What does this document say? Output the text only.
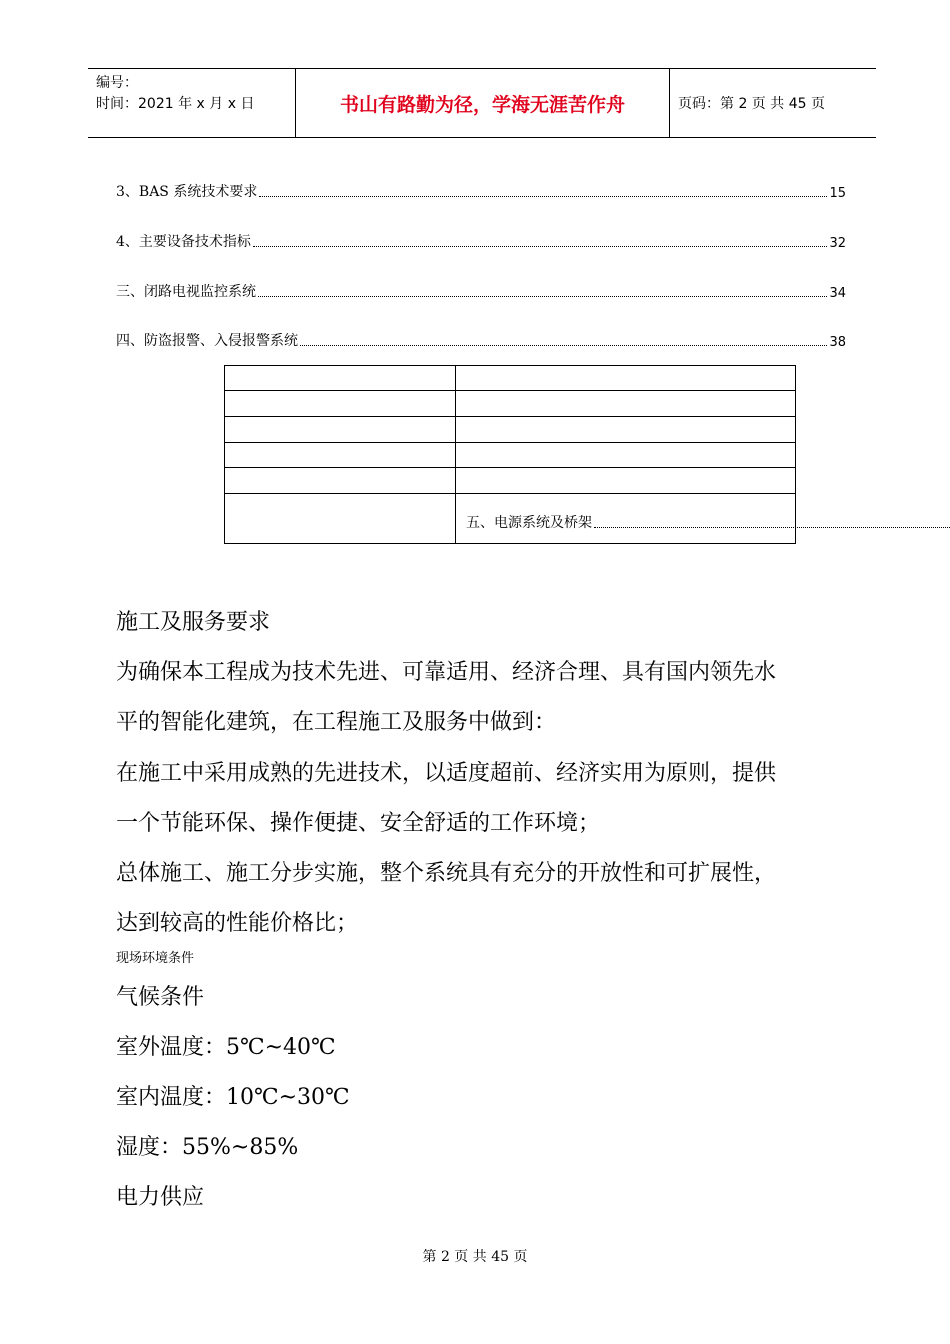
编号：
时间：2021 年 x 月 x 日	书山有路勤为径，学海无涯苦作舟	页码：第 2 页 共 45 页
3、BAS 系统技术要求	15
4、主要设备技术指标	32
三、闭路电视监控系统	34
四、防盗报警、入侵报警系统	38

五、电源系统及桥架
施工及服务要求
为确保本工程成为技术先进、可靠适用、经济合理、具有国内领先水
平的智能化建筑，在工程施工及服务中做到：
在施工中采用成熟的先进技术，以适度超前、经济实用为原则，提供
一个节能环保、操作便捷、安全舒适的工作环境；
总体施工、施工分步实施，整个系统具有充分的开放性和可扩展性，
达到较高的性能价格比；
现场环境条件
气候条件
室外温度：5℃~40℃
室内温度：10℃~30℃
湿度：55%~85%
电力供应
第 2 页 共 45 页
